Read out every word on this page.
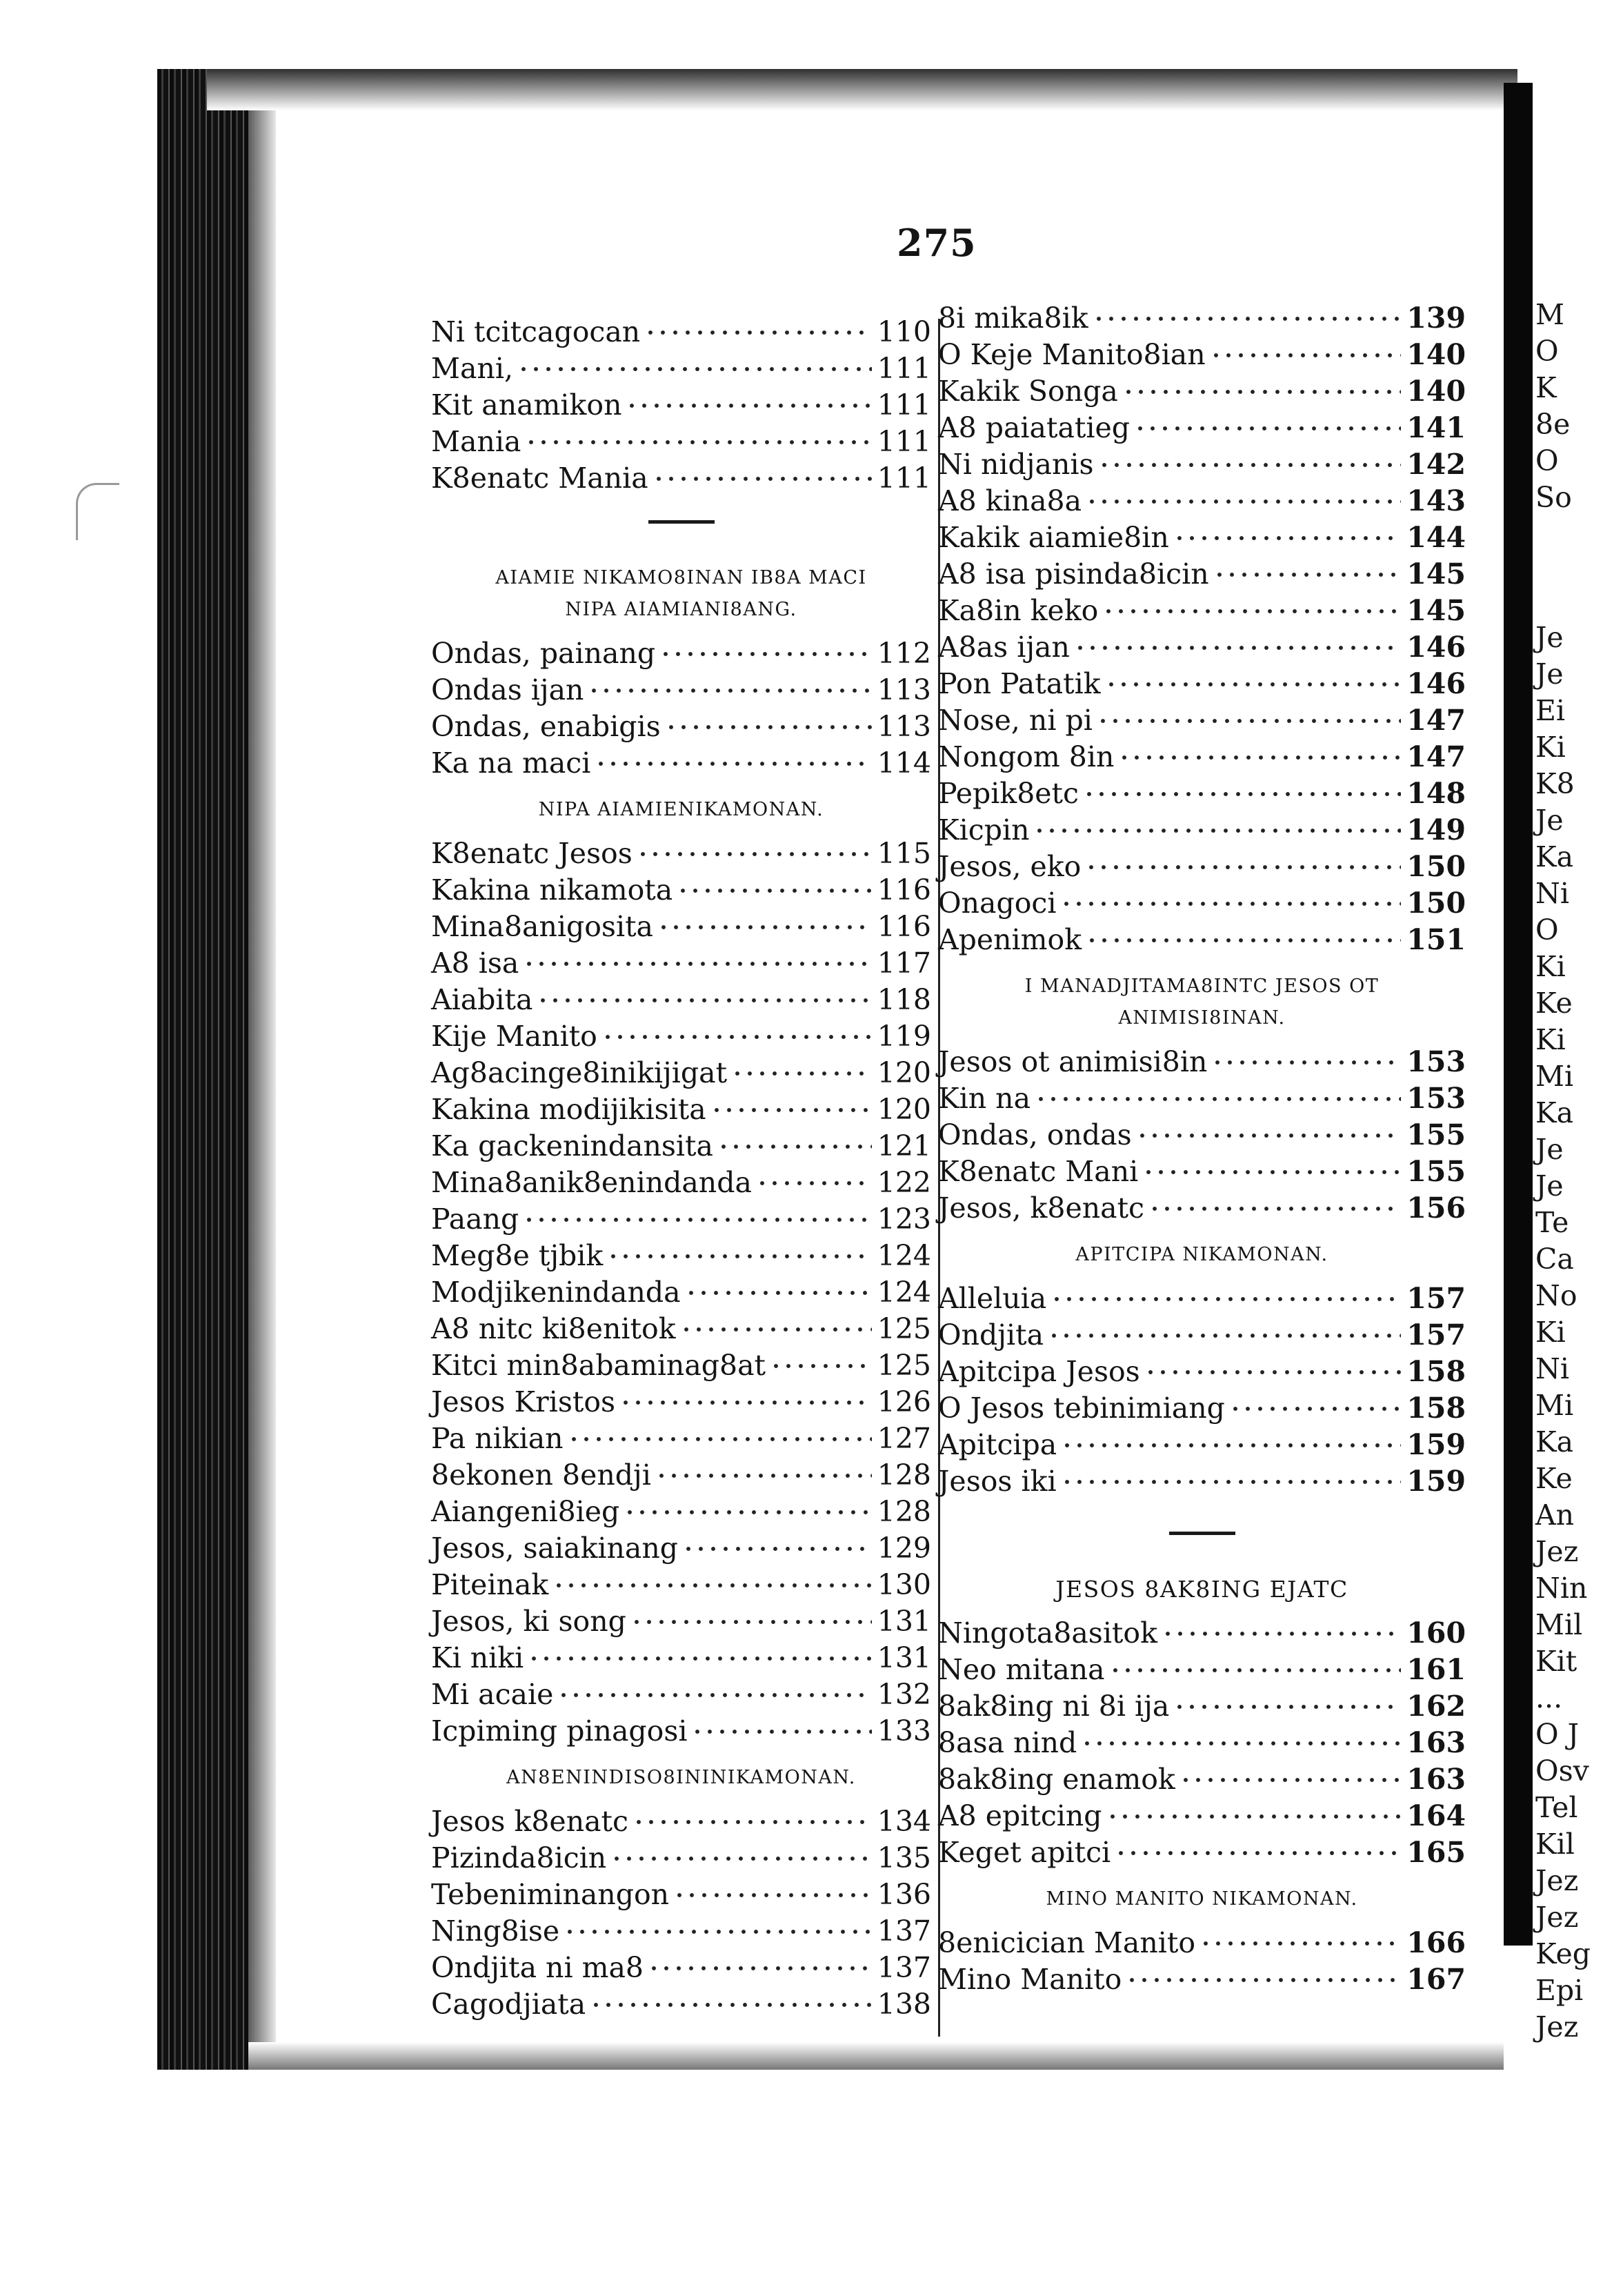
275
Ni tcitcagocan	110
Mani,	111
Kit anamikon	111
Mania	111
K8enatc Mania	111
AIAMIE NIKAMO8INAN IB8A MACI
NIPA AIAMIANI8ANG.
Ondas, painang	112
Ondas ijan	113
Ondas, enabigis	113
Ka na maci	114
NIPA AIAMIENIKAMONAN.
K8enatc Jesos	115
Kakina nikamota	116
Mina8anigosita	116
A8 isa	117
Aiabita	118
Kije Manito	119
Ag8acinge8inikijigat	120
Kakina modijikisita	120
Ka gackenindansita	121
Mina8anik8enindanda	122
Paang	123
Meg8e tjbik	124
Modjikenindanda	124
A8 nitc ki8enitok	125
Kitci min8abaminag8at	125
Jesos Kristos	126
Pa nikian	127
8ekonen 8endji	128
Aiangeni8ieg	128
Jesos, saiakinang	129
Piteinak	130
Jesos, ki song	131
Ki niki	131
Mi acaie	132
Icpiming pinagosi	133
AN8ENINDISO8ININIKAMONAN.
Jesos k8enatc	134
Pizinda8icin	135
Tebeniminangon	136
Ning8ise	137
Ondjita ni ma8	137
Cagodjiata	138
8i mika8ik	139
O Keje Manito8ian	140
Kakik Songa	140
A8 paiatatieg	141
Ni nidjanis	142
A8 kina8a	143
Kakik aiamie8in	144
A8 isa pisinda8icin	145
Ka8in keko	145
A8as ijan	146
Pon Patatik	146
Nose, ni pi	147
Nongom 8in	147
Pepik8etc	148
Kicpin	149
Jesos, eko	150
Onagoci	150
Apenimok	151
I MANADJITAMA8INTC JESOS OT
ANIMISI8INAN.
Jesos ot animisi8in	153
Kin na	153
Ondas, ondas	155
K8enatc Mani	155
Jesos, k8enatc	156
APITCIPA NIKAMONAN.
Alleluia	157
Ondjita	157
Apitcipa Jesos	158
O Jesos tebinimiang	158
Apitcipa	159
Jesos iki	159
JESOS 8AK8ING EJATC
Ningota8asitok	160
Neo mitana	161
8ak8ing ni 8i ija	162
8asa nind	163
8ak8ing enamok	163
A8 epitcing	164
Keget apitci	165
MINO MANITO NIKAMONAN.
8enicician Manito	166
Mino Manito	167
M
O
K
8e
O
So
Je
Je
Ei
Ki
K8
Je
Ka
Ni
O
Ki
Ke
Ki
Mi
Ka
Je
Je
Te
Ca
No
Ki
Ni
Mi
Ka
Ke
An
Jez
Nin
Mil
Kit
...
O J
Osv
Tel
Kil
Jez
Jez
Keg
Epi
Jez
